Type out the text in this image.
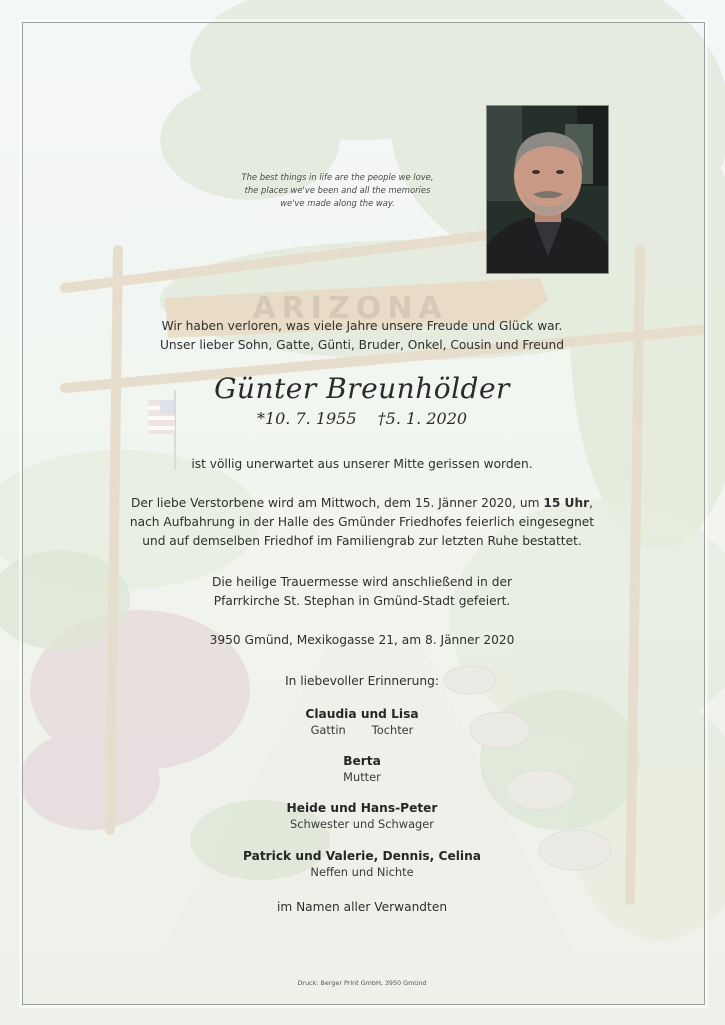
ARIZONA
The best things in life are the people we love,
the places we've been and all the memories
we've made along the way.
Wir haben verloren, was viele Jahre unsere Freude und Glück war.
Unser lieber Sohn, Gatte, Günti, Bruder, Onkel, Cousin und Freund
Günter Breunhölder
*10. 7. 1955 †5. 1. 2020
ist völlig unerwartet aus unserer Mitte gerissen worden.
Der liebe Verstorbene wird am Mittwoch, dem 15. Jänner 2020, um 15 Uhr,
nach Aufbahrung in der Halle des Gmünder Friedhofes feierlich eingesegnet
und auf demselben Friedhof im Familiengrab zur letzten Ruhe bestattet.
Die heilige Trauermesse wird anschließend in der
Pfarrkirche St. Stephan in Gmünd-Stadt gefeiert.
3950 Gmünd, Mexikogasse 21, am 8. Jänner 2020
In liebevoller Erinnerung:
Claudia und Lisa
Gattin Tochter
Berta
Mutter
Heide und Hans-Peter
Schwester und Schwager
Patrick und Valerie, Dennis, Celina
Neffen und Nichte
im Namen aller Verwandten
Druck: Berger Print GmbH, 3950 Gmünd
